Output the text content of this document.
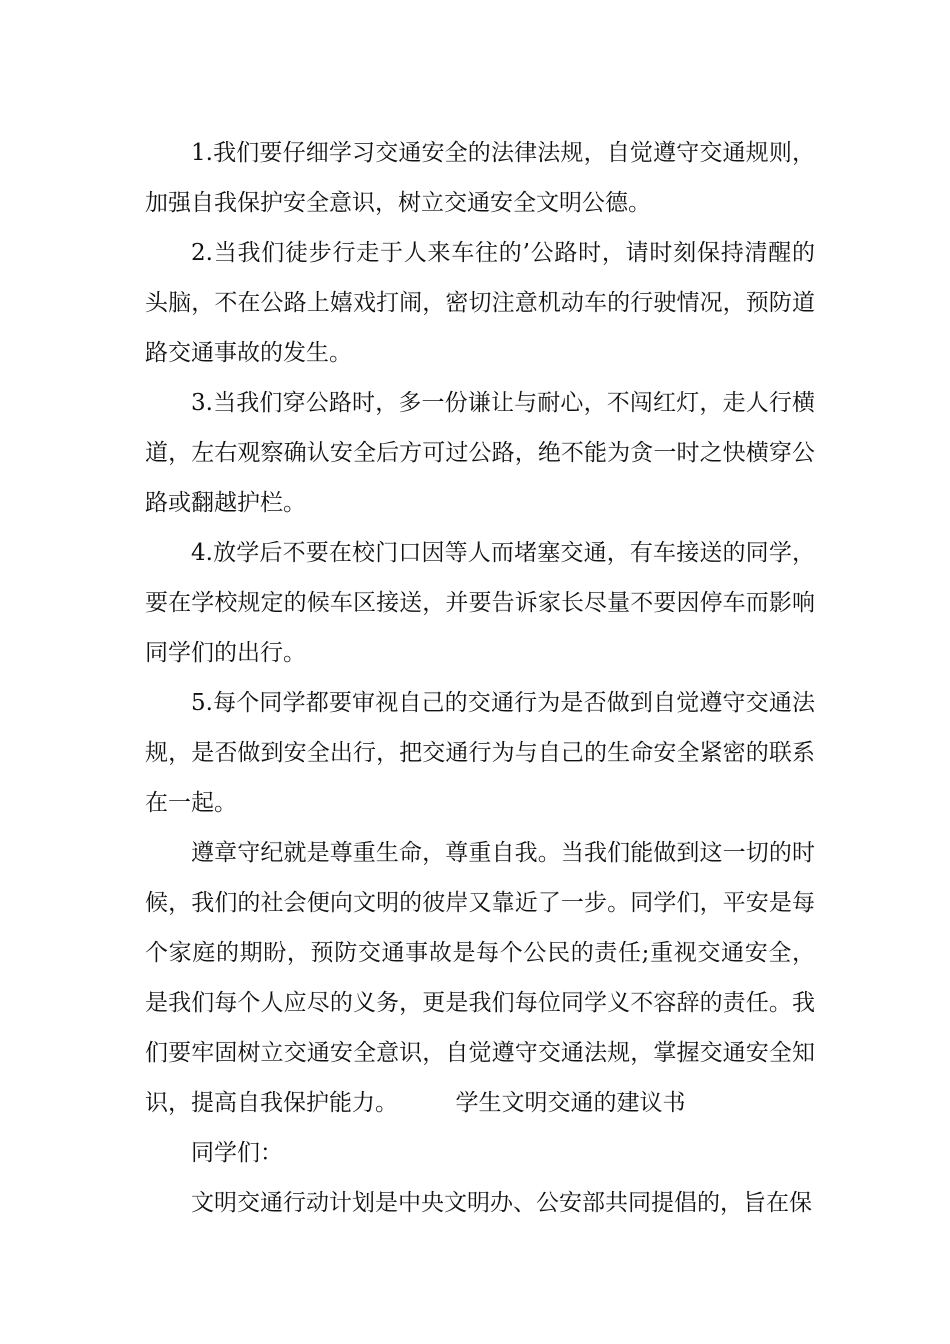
1.我们要仔细学习交通安全的法律法规，自觉遵守交通规则，加强自我保护安全意识，树立交通安全文明公德。

2.当我们徒步行走于人来车往的’公路时，请时刻保持清醒的头脑，不在公路上嬉戏打闹，密切注意机动车的行驶情况，预防道路交通事故的发生。

3.当我们穿公路时，多一份谦让与耐心，不闯红灯，走人行横道，左右观察确认安全后方可过公路，绝不能为贪一时之快横穿公路或翻越护栏。

4.放学后不要在校门口因等人而堵塞交通，有车接送的同学，要在学校规定的候车区接送，并要告诉家长尽量不要因停车而影响同学们的出行。

5.每个同学都要审视自己的交通行为是否做到自觉遵守交通法规，是否做到安全出行，把交通行为与自己的生命安全紧密的联系在一起。

遵章守纪就是尊重生命，尊重自我。当我们能做到这一切的时候，我们的社会便向文明的彼岸又靠近了一步。同学们，平安是每个家庭的期盼，预防交通事故是每个公民的责任;重视交通安全，是我们每个人应尽的义务，更是我们每位同学义不容辞的责任。我们要牢固树立交通安全意识，自觉遵守交通法规，掌握交通安全知识，提高自我保护能力。　　　学生文明交通的建议书

同学们：

文明交通行动计划是中央文明办、公安部共同提倡的，旨在保
